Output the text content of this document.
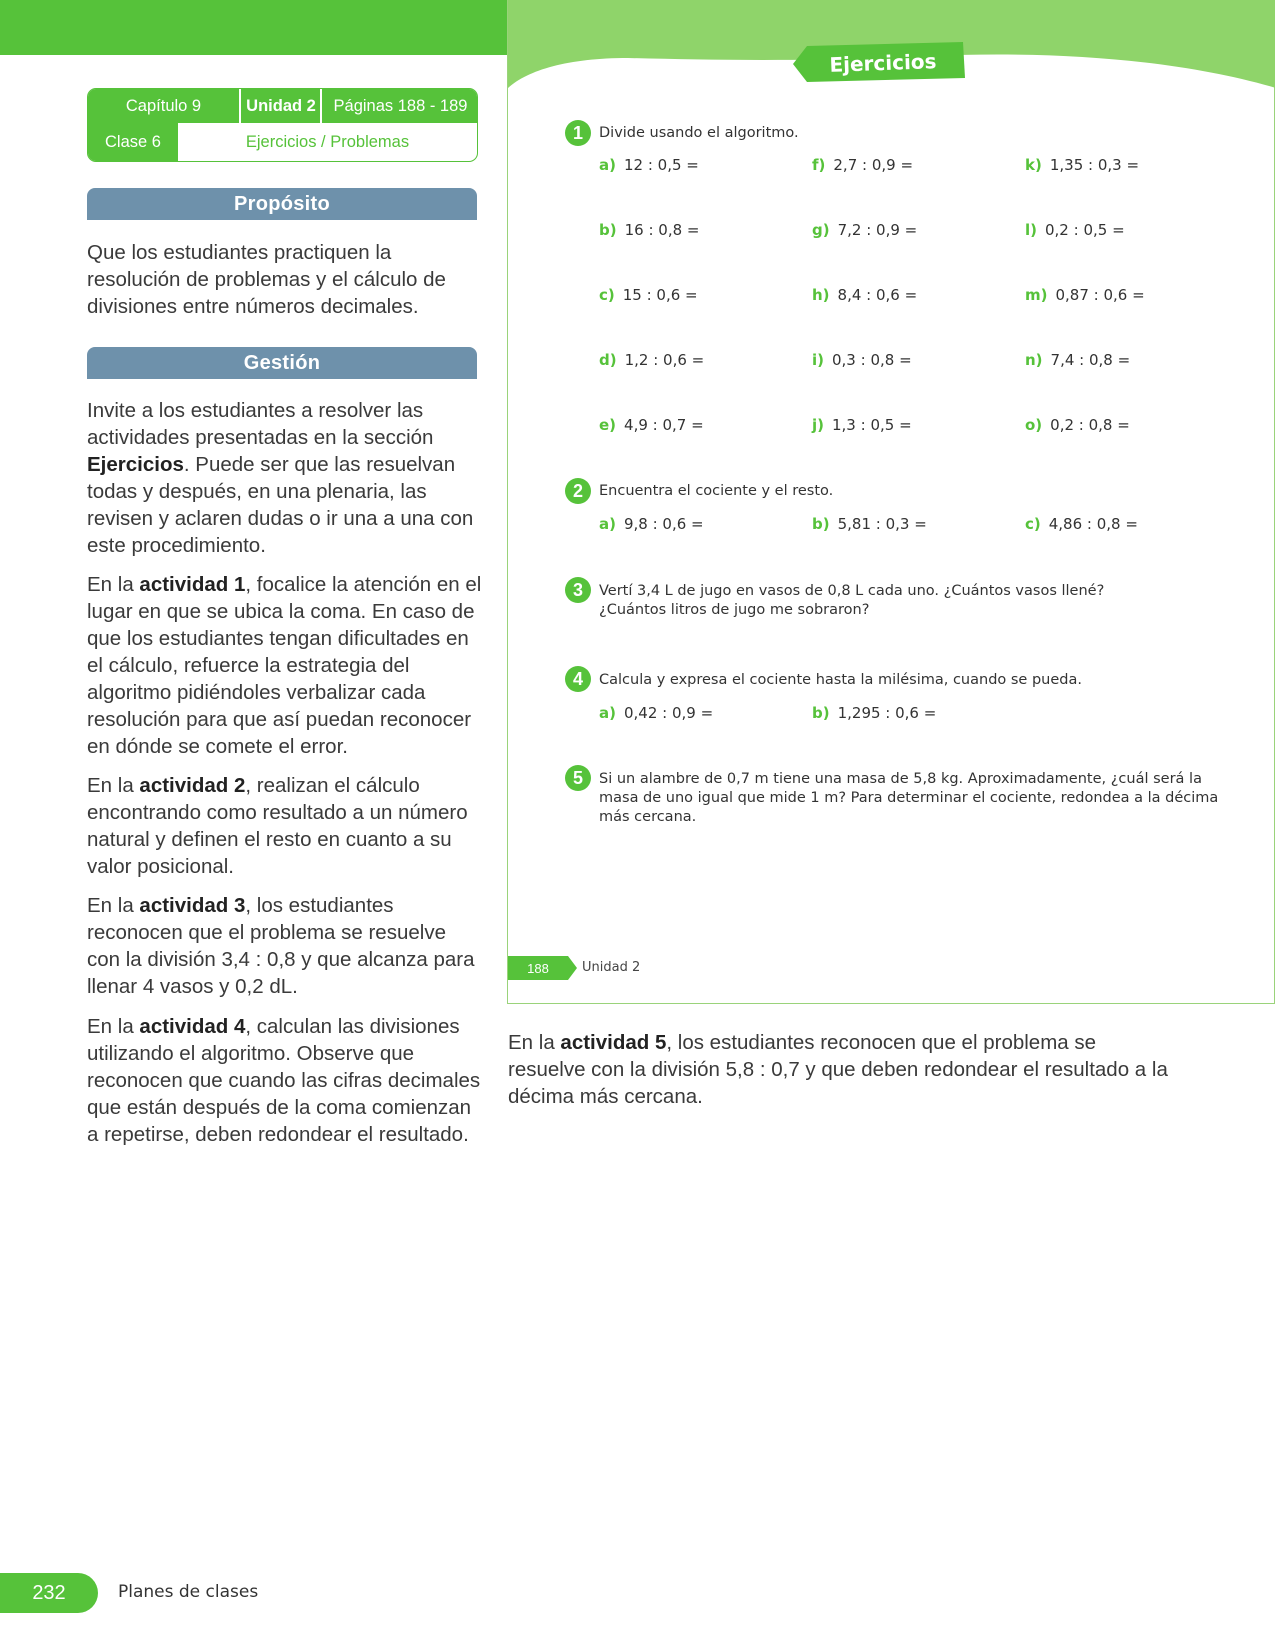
Capítulo 9	Unidad 2	Páginas 188 - 189
Clase 6	Ejercicios / Problemas
Propósito

Que los estudiantes practiquen la resolución de problemas y el cálculo de divisiones entre números decimales.

Gestión

Invite a los estudiantes a resolver las actividades presentadas en la sección Ejercicios. Puede ser que las resuelvan todas y después, en una plenaria, las revisen y aclaren dudas o ir una a una con este procedimiento.

En la actividad 1, focalice la atención en el lugar en que se ubica la coma. En caso de que los estudiantes tengan dificultades en el cálculo, refuerce la estrategia del algoritmo pidiéndoles verbalizar cada resolución para que así puedan reconocer en dónde se comete el error.

En la actividad 2, realizan el cálculo encontrando como resultado a un número natural y definen el resto en cuanto a su valor posicional.

En la actividad 3, los estudiantes reconocen que el problema se resuelve con la división 3,4 : 0,8 y que alcanza para llenar 4 vasos y 0,2 dL.

En la actividad 4, calculan las divisiones utilizando el algoritmo. Observe que reconocen que cuando las cifras decimales que están después de la coma comienzan a repetirse, deben redondear el resultado.

Ejercicios
1	Divide usando el algoritmo.
a) 12 : 0,5 =	f) 2,7 : 0,9 =	k) 1,35 : 0,3 =
b) 16 : 0,8 =	g) 7,2 : 0,9 =	l) 0,2 : 0,5 =
c) 15 : 0,6 =	h) 8,4 : 0,6 =	m) 0,87 : 0,6 =
d) 1,2 : 0,6 =	i) 0,3 : 0,8 =	n) 7,4 : 0,8 =
e) 4,9 : 0,7 =	j) 1,3 : 0,5 =	o) 0,2 : 0,8 =
2	Encuentra el cociente y el resto.
a) 9,8 : 0,6 =	b) 5,81 : 0,3 =	c) 4,86 : 0,8 =
3	Vertí 3,4 L de jugo en vasos de 0,8 L cada uno. ¿Cuántos vasos llené?
¿Cuántos litros de jugo me sobraron?
4	Calcula y expresa el cociente hasta la milésima, cuando se pueda.
a) 0,42 : 0,9 =	b) 1,295 : 0,6 =
5	Si un alambre de 0,7 m tiene una masa de 5,8 kg. Aproximadamente, ¿cuál será la
masa de uno igual que mide 1 m? Para determinar el cociente, redondea a la décima
más cercana.
188	Unidad 2

En la actividad 5, los estudiantes reconocen que el problema se resuelve con la división 5,8 : 0,7 y que deben redondear el resultado a la décima más cercana.

232	Planes de clases
